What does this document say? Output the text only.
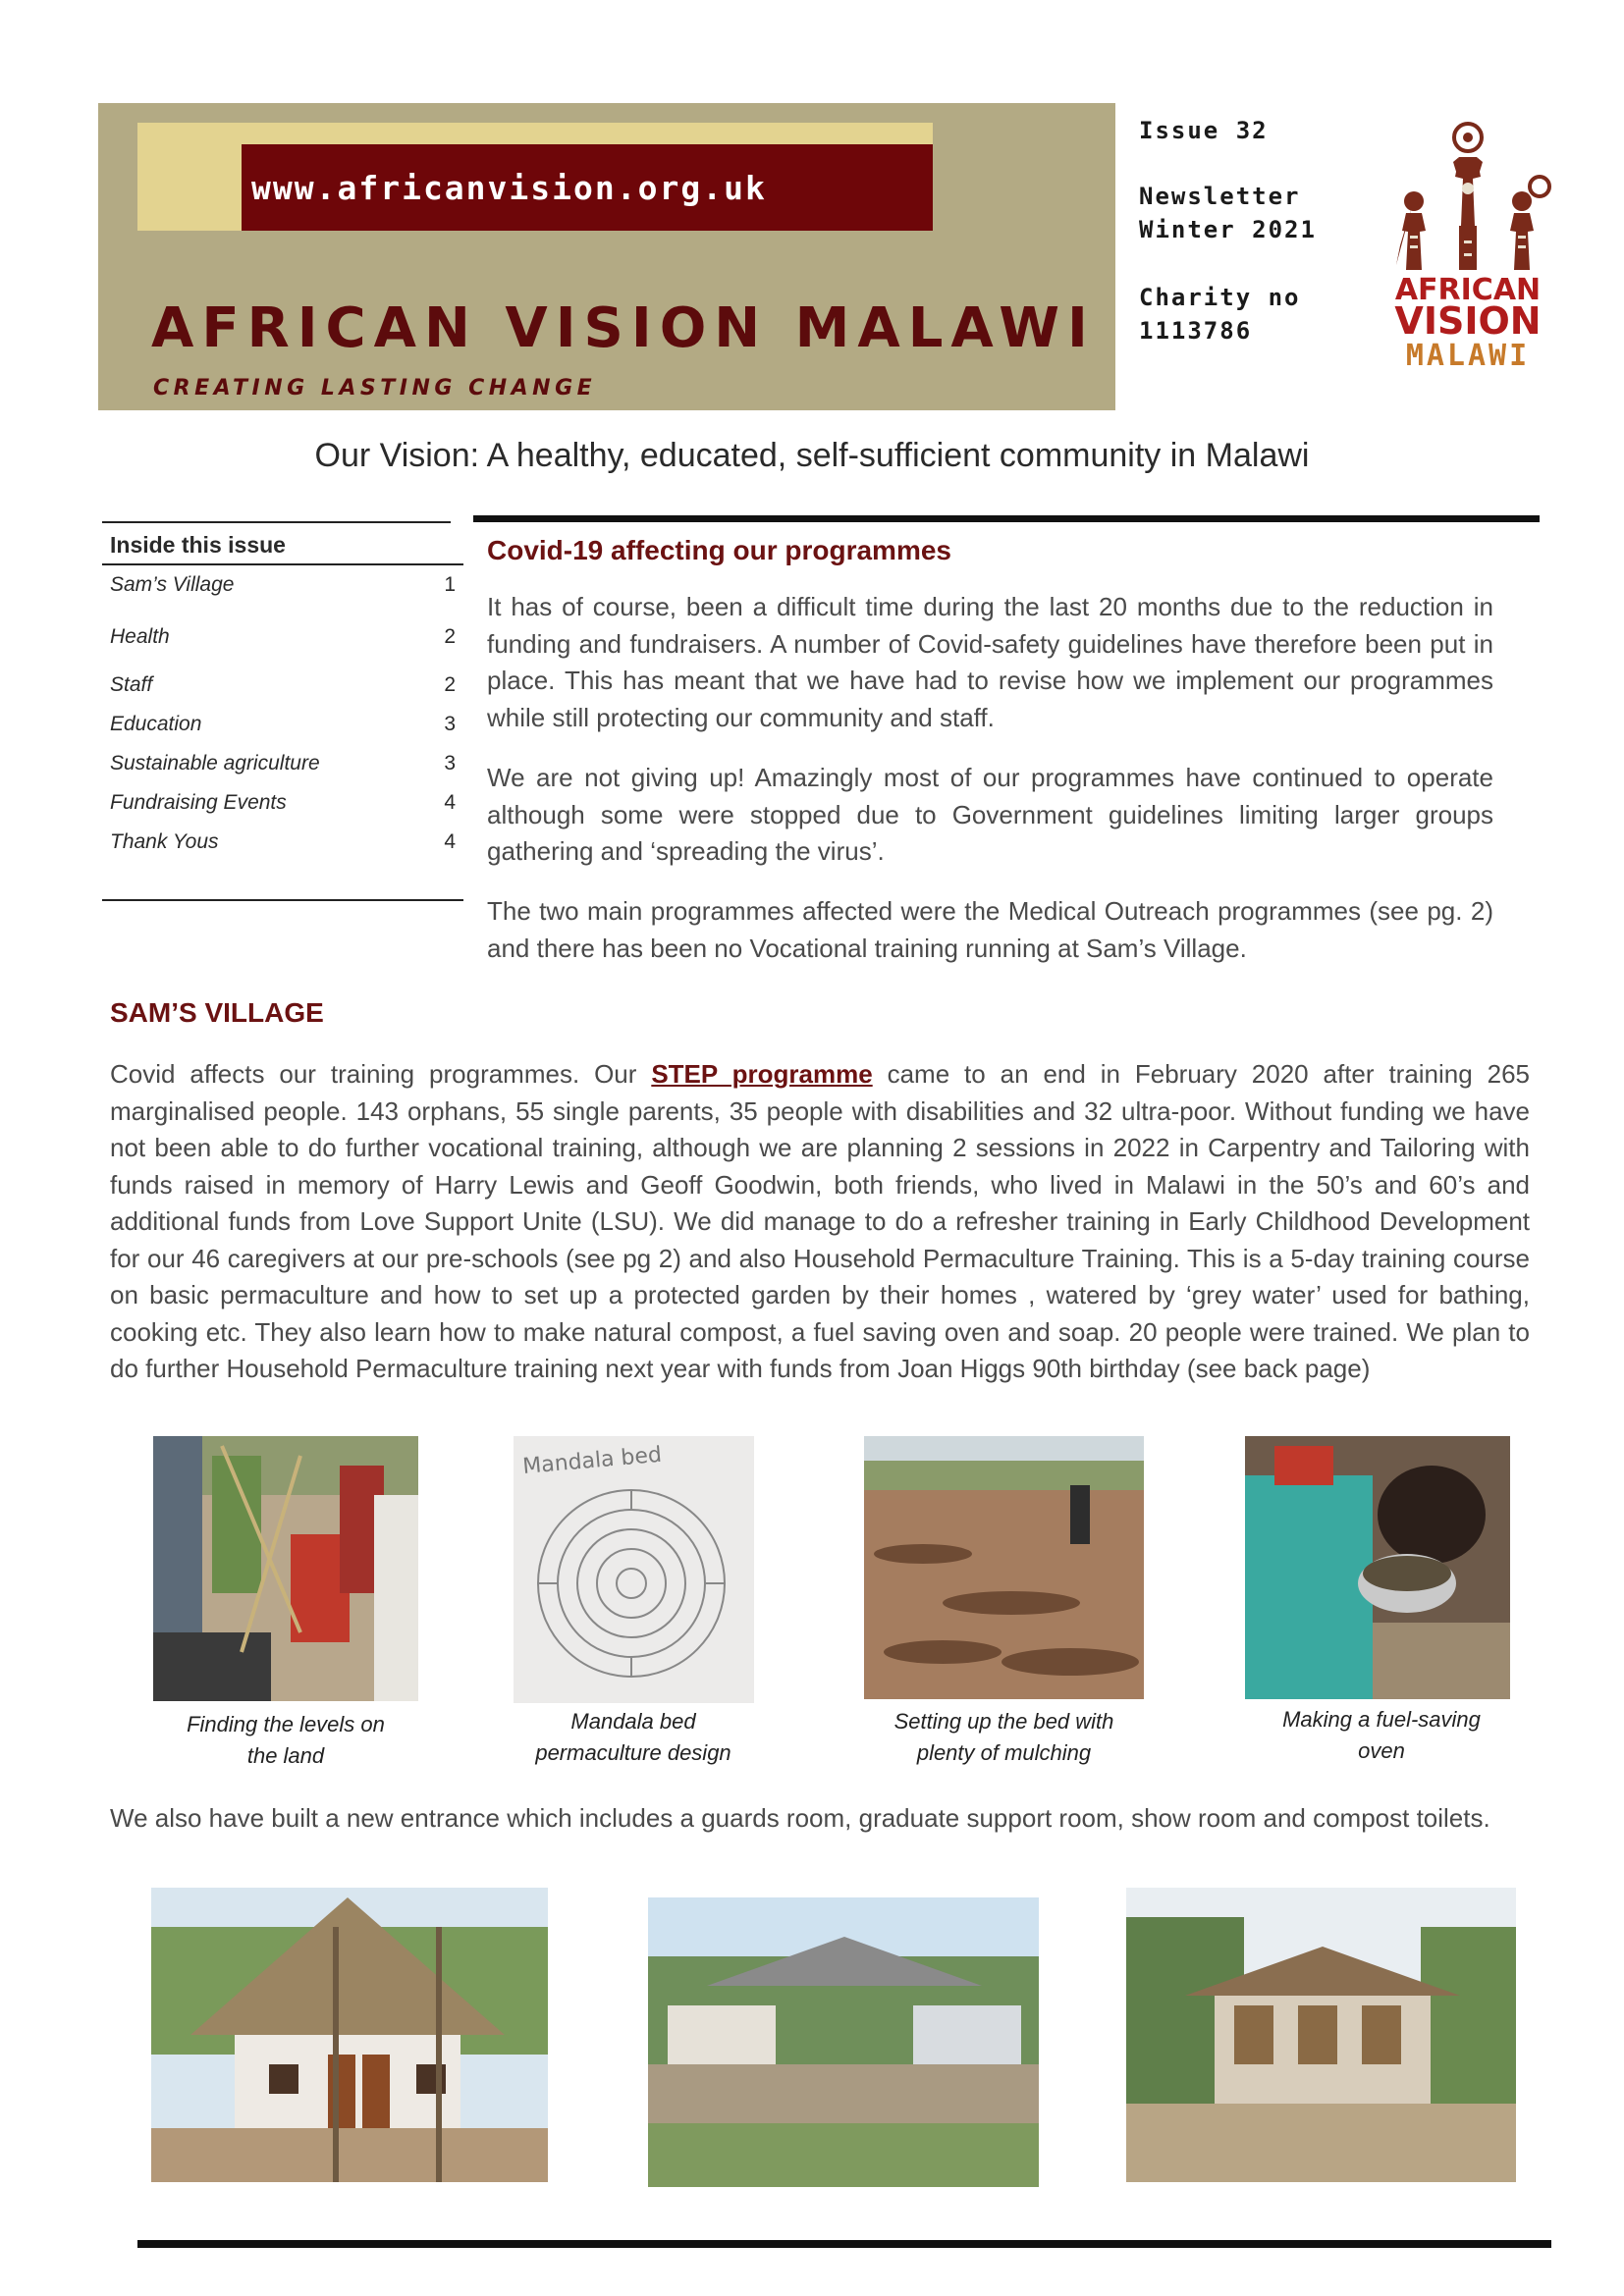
www.africanvision.org.uk
AFRICAN VISION MALAWI
CREATING LASTING CHANGE
Issue 32
Newsletter
Winter 2021
Charity no
1113786
AFRICAN
VISION
MALAWI
Our Vision: A healthy, educated, self-sufficient community in Malawi
Inside this issue
Sam’s Village	1
Health	2
Staff	2
Education	3
Sustainable agriculture	3
Fundraising Events	4
Thank Yous	4
Covid-19 affecting our programmes
It has of course, been a difficult time during the last 20 months due to the reduction in funding and fundraisers. A number of Covid-safety guidelines have therefore been put in place. This has meant that we have had to revise how we implement our programmes while still protecting our community and staff.
We are not giving up! Amazingly most of our programmes have continued to operate although some were stopped due to Government guidelines limiting larger groups gathering and ‘spreading the virus’.
The two main programmes affected were the Medical Outreach programmes (see pg. 2) and there has been no Vocational training running at Sam’s Village.
SAM’S VILLAGE
Covid affects our training programmes. Our STEP programme came to an end in February 2020 after training 265 marginalised people. 143 orphans, 55 single parents, 35 people with disabilities and 32 ultra-poor. Without funding we have not been able to do further vocational training, although we are planning 2 sessions in 2022 in Carpentry and Tailoring with funds raised in memory of Harry Lewis and Geoff Goodwin, both friends, who lived in Malawi in the 50’s and 60’s and additional funds from Love Support Unite (LSU). We did manage to do a refresher training in Early Childhood Development for our 46 caregivers at our pre-schools (see pg 2) and also Household Permaculture Training. This is a 5-day training course on basic permaculture and how to set up a protected garden by their homes , watered by ‘grey water’ used for bathing, cooking etc. They also learn how to make natural compost, a fuel saving oven and soap. 20 people were trained. We plan to do further Household Permaculture training next year with funds from Joan Higgs 90th birthday (see back page)
Finding the levels on
the land
Mandala bed
Mandala bed
permaculture design
Setting up the bed with
plenty of mulching
Making a fuel-saving
oven
We also have built a new entrance which includes a guards room, graduate support room, show room and compost toilets.
